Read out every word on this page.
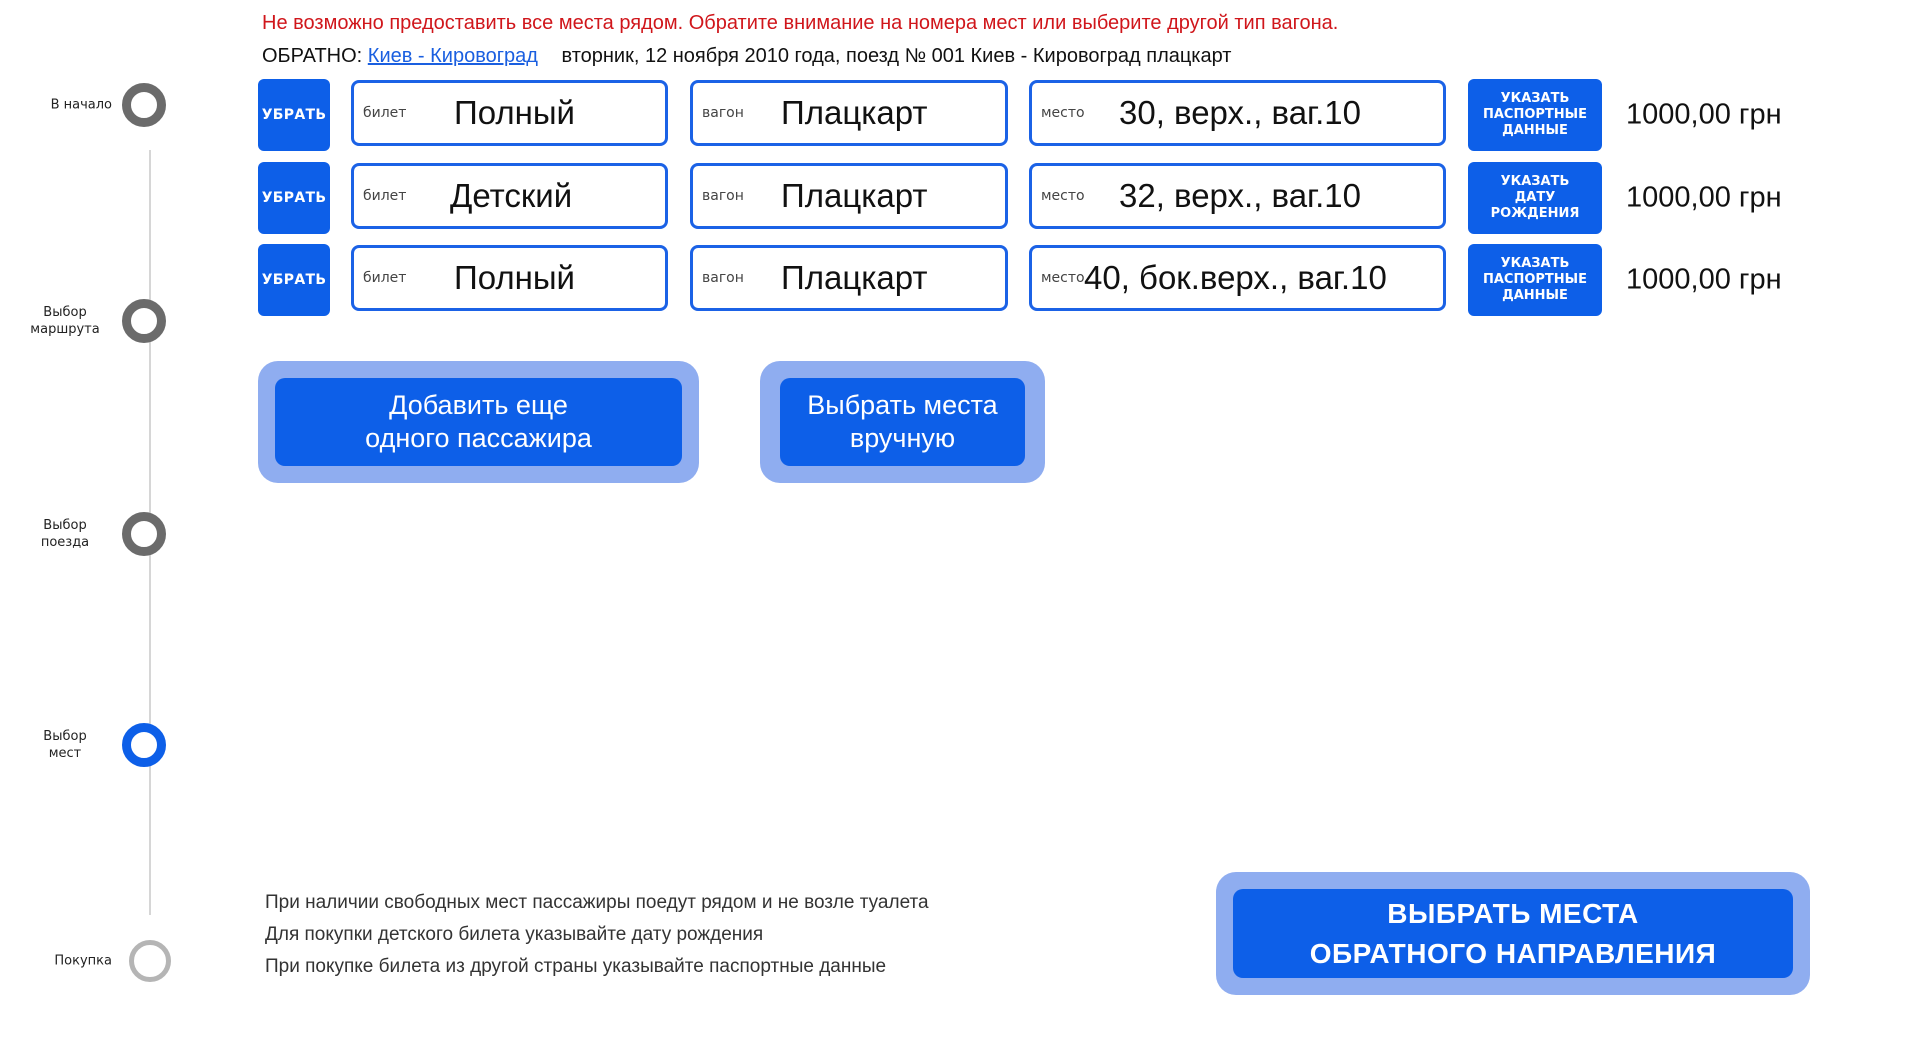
В начало
Выбор
маршрута
Выбор
поезда
Выбор
мест
Покупка
Не возможно предоставить все места рядом. Обратите внимание на номера мест или выберите другой тип вагона.
ОБРАТНО: Киев - Кировоград вторник, 12 ноября 2010 года, поезд № 001 Киев - Кировоград плацкарт
УБРАТЬ	билет Полный	вагон Плацкарт	место 30, верх., ваг.10	УКАЗАТЬ
ПАСПОРТНЫЕ
ДАННЫЕ	1000,00 грн
УБРАТЬ	билет Детский	вагон Плацкарт	место 32, верх., ваг.10	УКАЗАТЬ
ДАТУ
РОЖДЕНИЯ	1000,00 грн
УБРАТЬ	билет Полный	вагон Плацкарт	место 40, бок.верх., ваг.10	УКАЗАТЬ
ПАСПОРТНЫЕ
ДАННЫЕ	1000,00 грн
Добавить еще
одного пассажира
Выбрать места
вручную
При наличии свободных мест пассажиры поедут рядом и не возле туалета
Для покупки детского билета указывайте дату рождения
При покупке билета из другой страны указывайте паспортные данные
ВЫБРАТЬ МЕСТА
ОБРАТНОГО НАПРАВЛЕНИЯ
